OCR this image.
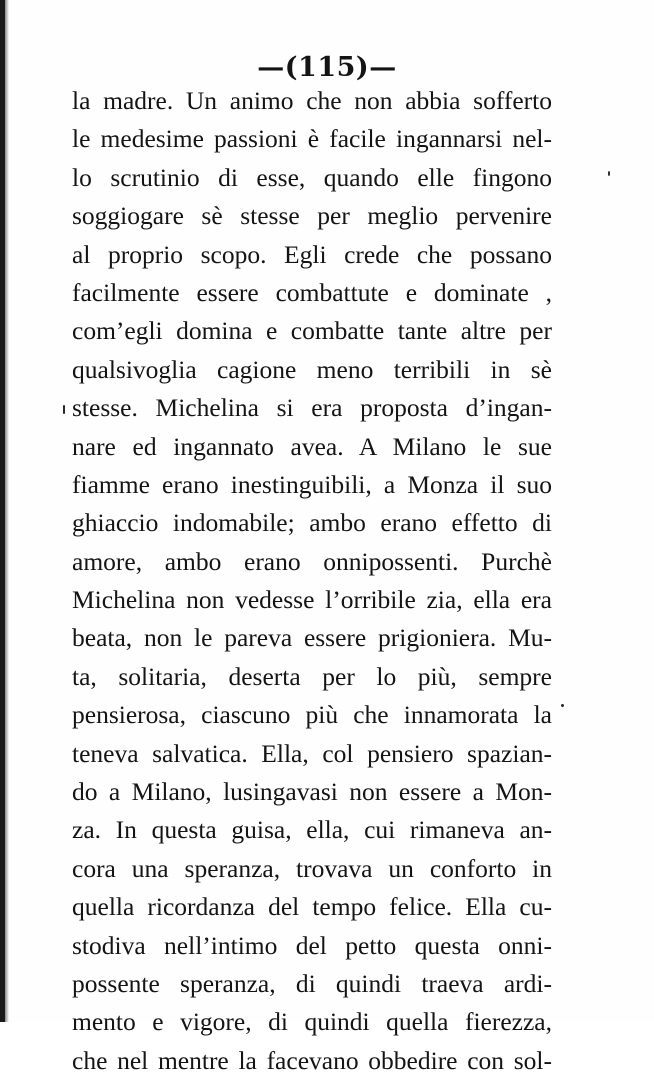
—(115)—
la madre. Un animo che non abbia sofferto
le medesime passioni è facile ingannarsi nel-
lo scrutinio di esse, quando elle fingono
soggiogare sè stesse per meglio pervenire
al proprio scopo. Egli crede che possano
facilmente essere combattute e dominate ,
com’egli domina e combatte tante altre per
qualsivoglia cagione meno terribili in sè
stesse. Michelina si era proposta d’ingan-
nare ed ingannato avea. A Milano le sue
fiamme erano inestinguibili, a Monza il suo
ghiaccio indomabile; ambo erano effetto di
amore, ambo erano onnipossenti. Purchè
Michelina non vedesse l’orribile zia, ella era
beata, non le pareva essere prigioniera. Mu-
ta, solitaria, deserta per lo più, sempre
pensierosa, ciascuno più che innamorata la
teneva salvatica. Ella, col pensiero spazian-
do a Milano, lusingavasi non essere a Mon-
za. In questa guisa, ella, cui rimaneva an-
cora una speranza, trovava un conforto in
quella ricordanza del tempo felice. Ella cu-
stodiva nell’intimo del petto questa onni-
possente speranza, di quindi traeva ardi-
mento e vigore, di quindi quella fierezza,
che nel mentre la facevano obbedire con sol-
